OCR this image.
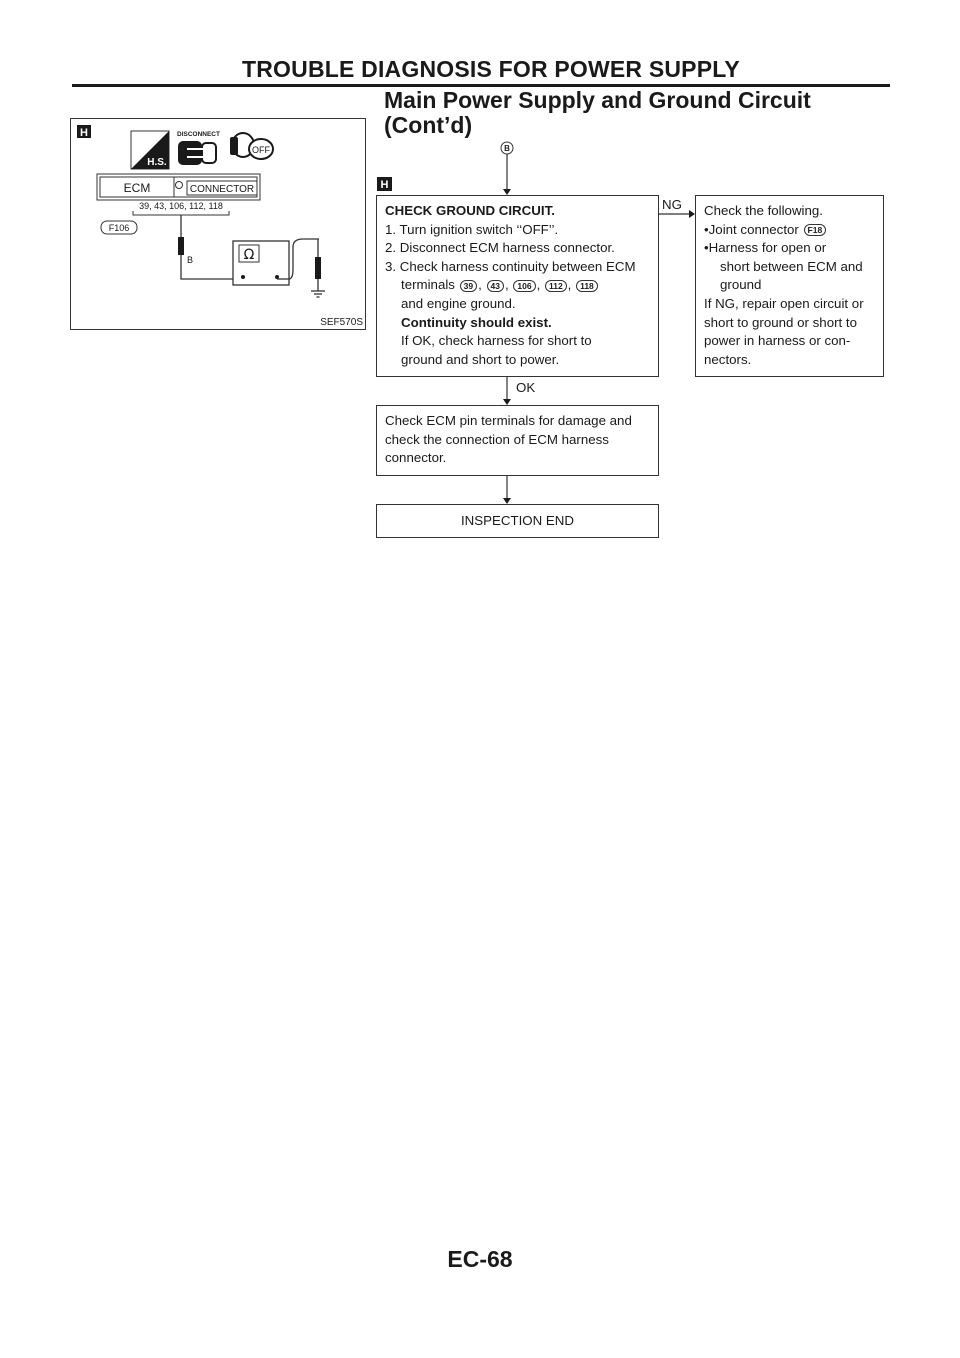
TROUBLE DIAGNOSIS FOR POWER SUPPLY
Main Power Supply and Ground Circuit (Cont’d)
H
H.S.
DISCONNECT
OFF
ECM	CONNECTOR
39, 43, 106, 112, 118
F106
B	Ω
SEF570S
B
H
NG
OK
CHECK GROUND CIRCUIT.
1. Turn ignition switch ‘‘OFF’’.
2. Disconnect ECM harness connector.
3. Check harness continuity between ECM
terminals 39 , 43 , 106 , 112 , 118
and engine ground.
Continuity should exist.
If OK, check harness for short to
ground and short to power.
Check the following.
•Joint connector F18
•Harness for open or
short between ECM and
ground
If NG, repair open circuit or
short to ground or short to
power in harness or con-
nectors.
Check ECM pin terminals for damage and
check the connection of ECM harness
connector.
INSPECTION END
EC-68
